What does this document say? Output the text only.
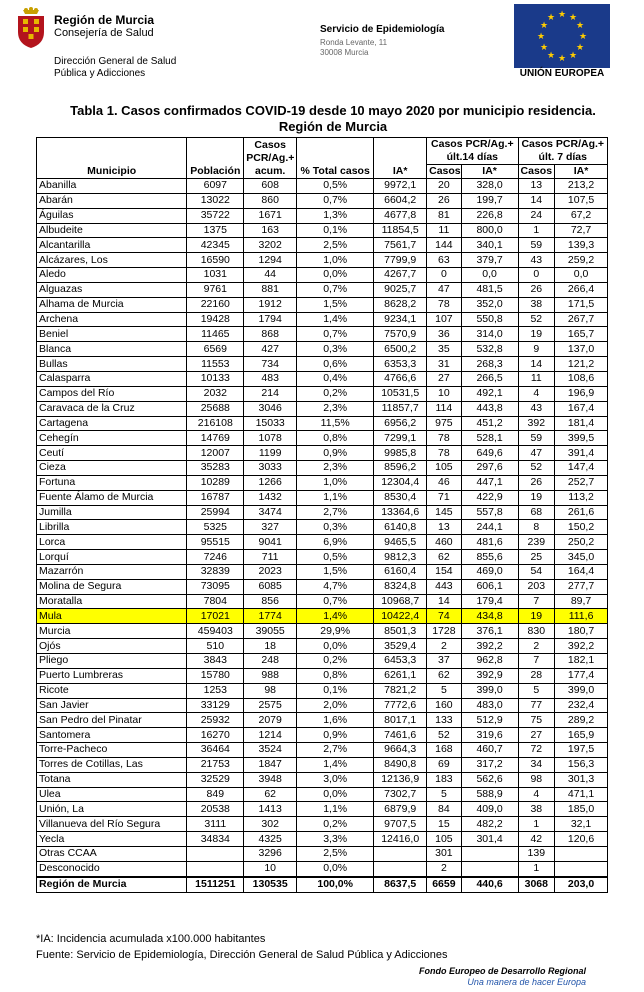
Región de Murcia
Consejería de Salud
Dirección General de Salud
Pública y Adicciones
Servicio de Epidemiología
Ronda Levante, 11
30008 Murcia
★ ★
★
★
★
★
★
★
★
★
★
★
UNIÓN EUROPEA
Tabla 1. Casos confirmados COVID-19 desde 10 mayo 2020 por municipio residencia.
Región de Murcia
Municipio	Población	Casos PCR/Ag.+ acum.	% Total casos	IA*	Casos PCR/Ag.+ últ.14 días		Casos PCR/Ag.+ últ. 7 días	
					Casos	IA*	Casos	IA*
Abanilla	6097	608	0,5%	9972,1	20	328,0	13	213,2
Abarán	13022	860	0,7%	6604,2	26	199,7	14	107,5
Águilas	35722	1671	1,3%	4677,8	81	226,8	24	67,2
Albudeite	1375	163	0,1%	11854,5	11	800,0	1	72,7
Alcantarilla	42345	3202	2,5%	7561,7	144	340,1	59	139,3
Alcázares, Los	16590	1294	1,0%	7799,9	63	379,7	43	259,2
Aledo	1031	44	0,0%	4267,7	0	0,0	0	0,0
Alguazas	9761	881	0,7%	9025,7	47	481,5	26	266,4
Alhama de Murcia	22160	1912	1,5%	8628,2	78	352,0	38	171,5
Archena	19428	1794	1,4%	9234,1	107	550,8	52	267,7
Beniel	11465	868	0,7%	7570,9	36	314,0	19	165,7
Blanca	6569	427	0,3%	6500,2	35	532,8	9	137,0
Bullas	11553	734	0,6%	6353,3	31	268,3	14	121,2
Calasparra	10133	483	0,4%	4766,6	27	266,5	11	108,6
Campos del Río	2032	214	0,2%	10531,5	10	492,1	4	196,9
Caravaca de la Cruz	25688	3046	2,3%	11857,7	114	443,8	43	167,4
Cartagena	216108	15033	11,5%	6956,2	975	451,2	392	181,4
Cehegín	14769	1078	0,8%	7299,1	78	528,1	59	399,5
Ceutí	12007	1199	0,9%	9985,8	78	649,6	47	391,4
Cieza	35283	3033	2,3%	8596,2	105	297,6	52	147,4
Fortuna	10289	1266	1,0%	12304,4	46	447,1	26	252,7
Fuente Álamo de Murcia	16787	1432	1,1%	8530,4	71	422,9	19	113,2
Jumilla	25994	3474	2,7%	13364,6	145	557,8	68	261,6
Librilla	5325	327	0,3%	6140,8	13	244,1	8	150,2
Lorca	95515	9041	6,9%	9465,5	460	481,6	239	250,2
Lorquí	7246	711	0,5%	9812,3	62	855,6	25	345,0
Mazarrón	32839	2023	1,5%	6160,4	154	469,0	54	164,4
Molina de Segura	73095	6085	4,7%	8324,8	443	606,1	203	277,7
Moratalla	7804	856	0,7%	10968,7	14	179,4	7	89,7
Mula	17021	1774	1,4%	10422,4	74	434,8	19	111,6
Murcia	459403	39055	29,9%	8501,3	1728	376,1	830	180,7
Ojós	510	18	0,0%	3529,4	2	392,2	2	392,2
Pliego	3843	248	0,2%	6453,3	37	962,8	7	182,1
Puerto Lumbreras	15780	988	0,8%	6261,1	62	392,9	28	177,4
Ricote	1253	98	0,1%	7821,2	5	399,0	5	399,0
San Javier	33129	2575	2,0%	7772,6	160	483,0	77	232,4
San Pedro del Pinatar	25932	2079	1,6%	8017,1	133	512,9	75	289,2
Santomera	16270	1214	0,9%	7461,6	52	319,6	27	165,9
Torre-Pacheco	36464	3524	2,7%	9664,3	168	460,7	72	197,5
Torres de Cotillas, Las	21753	1847	1,4%	8490,8	69	317,2	34	156,3
Totana	32529	3948	3,0%	12136,9	183	562,6	98	301,3
Ulea	849	62	0,0%	7302,7	5	588,9	4	471,1
Unión, La	20538	1413	1,1%	6879,9	84	409,0	38	185,0
Villanueva del Río Segura	3111	302	0,2%	9707,5	15	482,2	1	32,1
Yecla	34834	4325	3,3%	12416,0	105	301,4	42	120,6
Otras CCAA		3296	2,5%		301		139	
Desconocido		10	0,0%		2		1	
Región de Murcia	1511251	130535	100,0%	8637,5	6659	440,6	3068	203,0
*IA: Incidencia acumulada x100.000 habitantes
Fuente: Servicio de Epidemiología, Dirección General de Salud Pública y Adicciones
Fondo Europeo de Desarrollo Regional
Una manera de hacer Europa
